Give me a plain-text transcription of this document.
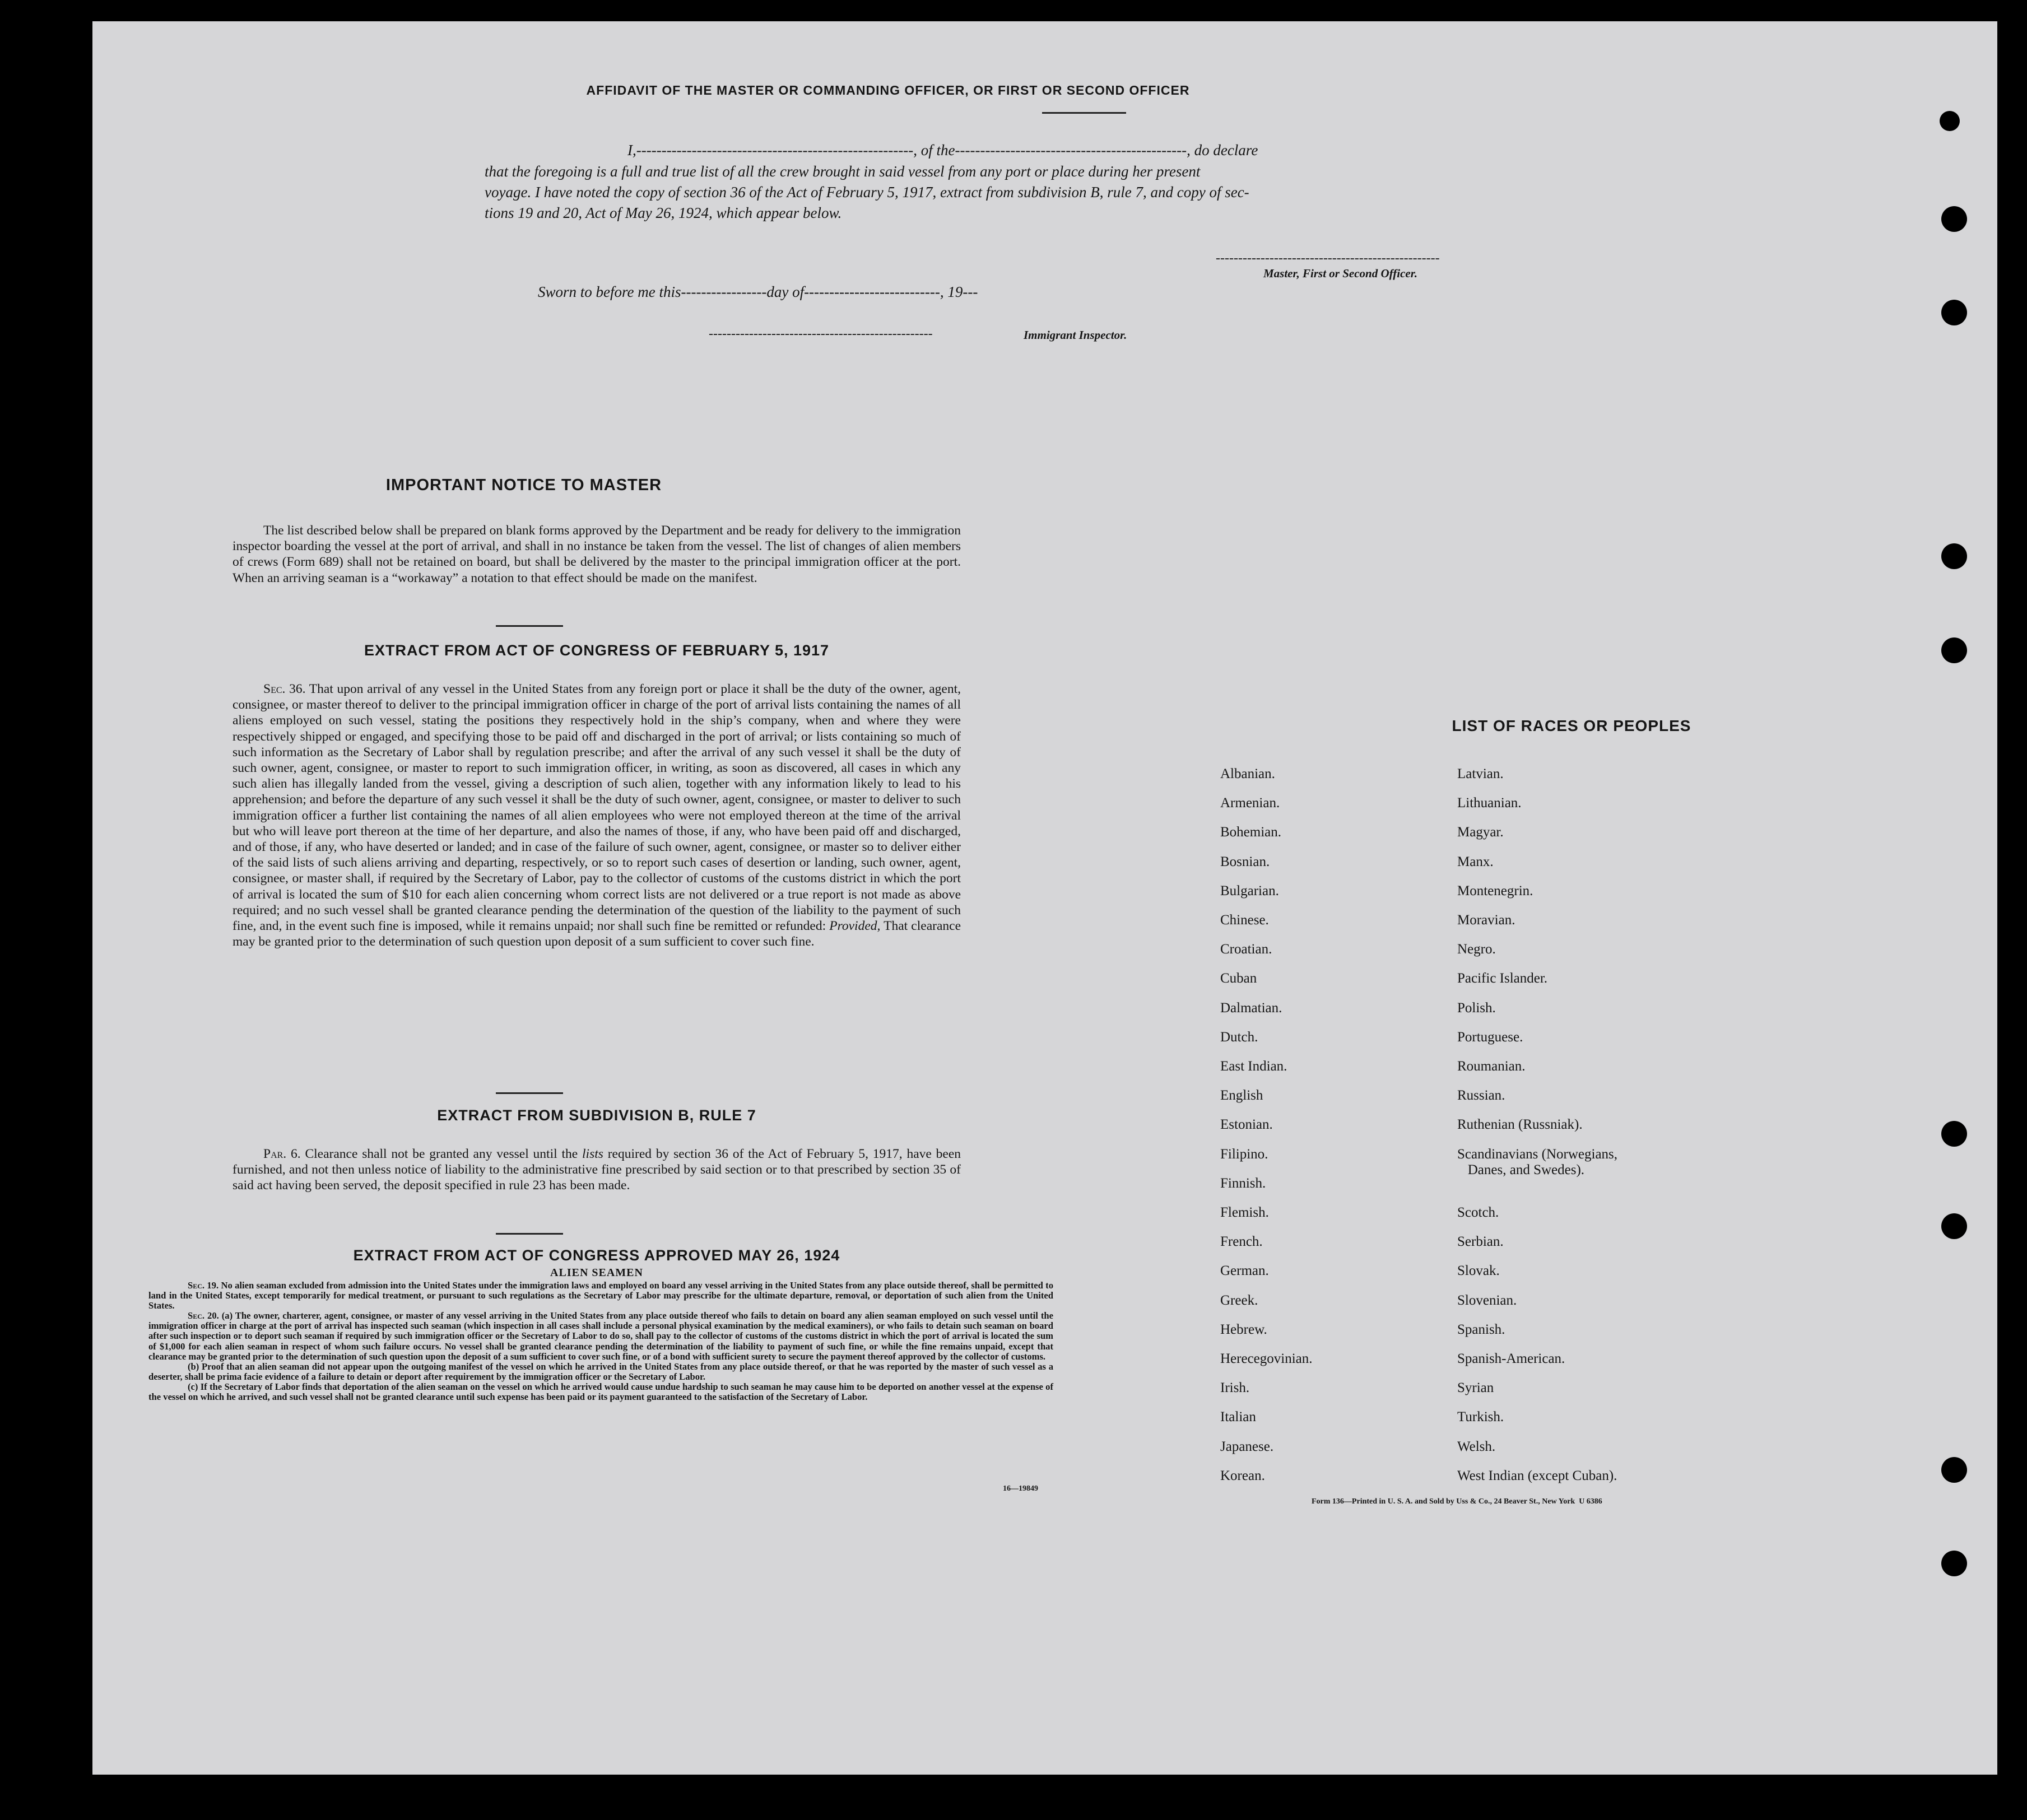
AFFIDAVIT OF THE MASTER OR COMMANDING OFFICER, OR FIRST OR SECOND OFFICER
I,-------------------------------------------------------, of the----------------------------------------------, do declare
that the foregoing is a full and true list of all the crew brought in said vessel from any port or place during her present
voyage. I have noted the copy of section 36 of the Act of February 5, 1917, extract from subdivision B, rule 7, and copy of sec-
tions 19 and 20, Act of May 26, 1924, which appear below.
--------------------------------------------------
Master, First or Second Officer.
Sworn to before me this-----------------day of---------------------------, 19---
--------------------------------------------------	Immigrant Inspector.
IMPORTANT NOTICE TO MASTER
The list described below shall be prepared on blank forms approved by the Department and be ready for delivery to the immigration inspector boarding the vessel at the port of arrival, and shall in no instance be taken from the vessel. The list of changes of alien members of crews (Form 689) shall not be retained on board, but shall be delivered by the master to the principal immigration officer at the port. When an arriving seaman is a “workaway” a notation to that effect should be made on the manifest.
EXTRACT FROM ACT OF CONGRESS OF FEBRUARY 5, 1917
Sec. 36. That upon arrival of any vessel in the United States from any foreign port or place it shall be the duty of the owner, agent, consignee, or master thereof to deliver to the principal immigration officer in charge of the port of arrival lists containing the names of all aliens employed on such vessel, stating the positions they respectively hold in the ship’s company, when and where they were respectively shipped or engaged, and specifying those to be paid off and discharged in the port of arrival; or lists containing so much of such information as the Secretary of Labor shall by regulation prescribe; and after the arrival of any such vessel it shall be the duty of such owner, agent, consignee, or master to report to such immigration officer, in writing, as soon as discovered, all cases in which any such alien has illegally landed from the vessel, giving a description of such alien, together with any information likely to lead to his apprehension; and before the departure of any such vessel it shall be the duty of such owner, agent, consignee, or master to deliver to such immigration officer a further list containing the names of all alien employees who were not employed thereon at the time of the arrival but who will leave port thereon at the time of her departure, and also the names of those, if any, who have been paid off and discharged, and of those, if any, who have deserted or landed; and in case of the failure of such owner, agent, consignee, or master so to deliver either of the said lists of such aliens arriving and departing, respectively, or so to report such cases of desertion or landing, such owner, agent, consignee, or master shall, if required by the Secretary of Labor, pay to the collector of customs of the customs district in which the port of arrival is located the sum of $10 for each alien concerning whom correct lists are not delivered or a true report is not made as above required; and no such vessel shall be granted clearance pending the determination of the question of the liability to the payment of such fine, and, in the event such fine is imposed, while it remains unpaid; nor shall such fine be remitted or refunded: Provided, That clearance may be granted prior to the determination of such question upon deposit of a sum sufficient to cover such fine.
EXTRACT FROM SUBDIVISION B, RULE 7
Par. 6. Clearance shall not be granted any vessel until the lists required by section 36 of the Act of February 5, 1917, have been furnished, and not then unless notice of liability to the administrative fine prescribed by said section or to that prescribed by section 35 of said act having been served, the deposit specified in rule 23 has been made.
EXTRACT FROM ACT OF CONGRESS APPROVED MAY 26, 1924
ALIEN SEAMEN
Sec. 19. No alien seaman excluded from admission into the United States under the immigration laws and employed on board any vessel arriving in the United States from any place outside thereof, shall be permitted to land in the United States, except temporarily for medical treatment, or pursuant to such regulations as the Secretary of Labor may prescribe for the ultimate departure, removal, or deportation of such alien from the United States.
Sec. 20. (a) The owner, charterer, agent, consignee, or master of any vessel arriving in the United States from any place outside thereof who fails to detain on board any alien seaman employed on such vessel until the immigration officer in charge at the port of arrival has inspected such seaman (which inspection in all cases shall include a personal physical examination by the medical examiners), or who fails to detain such seaman on board after such inspection or to deport such seaman if required by such immigration officer or the Secretary of Labor to do so, shall pay to the collector of customs of the customs district in which the port of arrival is located the sum of $1,000 for each alien seaman in respect of whom such failure occurs. No vessel shall be granted clearance pending the determination of the liability to payment of such fine, or while the fine remains unpaid, except that clearance may be granted prior to the determination of such question upon the deposit of a sum sufficient to cover such fine, or of a bond with sufficient surety to secure the payment thereof approved by the collector of customs.
(b) Proof that an alien seaman did not appear upon the outgoing manifest of the vessel on which he arrived in the United States from any place outside thereof, or that he was reported by the master of such vessel as a deserter, shall be prima facie evidence of a failure to detain or deport after requirement by the immigration officer or the Secretary of Labor.
(c) If the Secretary of Labor finds that deportation of the alien seaman on the vessel on which he arrived would cause undue hardship to such seaman he may cause him to be deported on another vessel at the expense of the vessel on which he arrived, and such vessel shall not be granted clearance until such expense has been paid or its payment guaranteed to the satisfaction of the Secretary of Labor.
16—19849
LIST OF RACES OR PEOPLES
Form 136—Printed in U. S. A. and Sold by Uss & Co., 24 Beaver St., New York  U 6386
Albanian.
Armenian.
Bohemian.
Bosnian.
Bulgarian.
Chinese.
Croatian.
Cuban
Dalmatian.
Dutch.
East Indian.
English
Estonian.
Filipino.
Finnish.
Flemish.
French.
German.
Greek.
Hebrew.
Herecegovinian.
Irish.
Italian
Japanese.
Korean.
Latvian.
Lithuanian.
Magyar.
Manx.
Montenegrin.
Moravian.
Negro.
Pacific Islander.
Polish.
Portuguese.
Roumanian.
Russian.
Ruthenian (Russniak).
Scandinavians (Norwegians,
Danes, and Swedes).
Scotch.
Serbian.
Slovak.
Slovenian.
Spanish.
Spanish-American.
Syrian
Turkish.
Welsh.
West Indian (except Cuban).
